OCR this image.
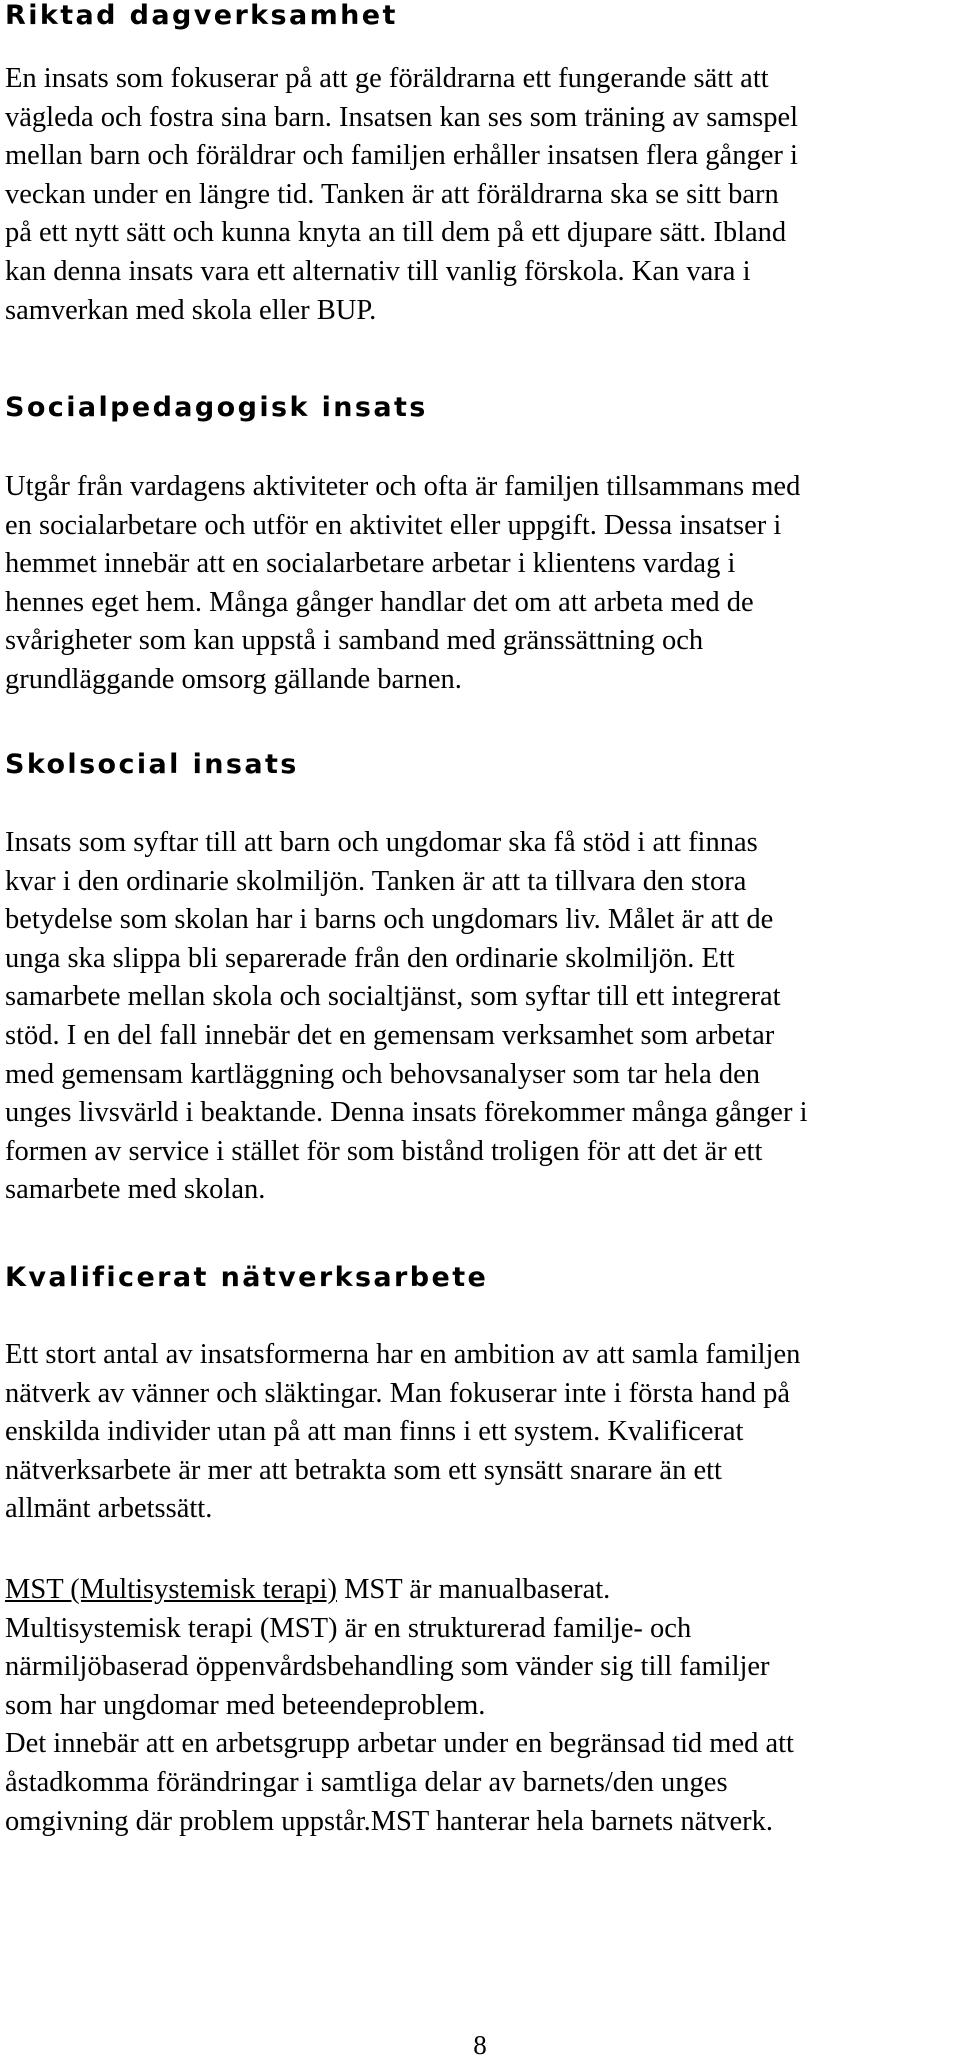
Riktad dagverksamhet

En insats som fokuserar på att ge föräldrarna ett fungerande sätt att
vägleda och fostra sina barn. Insatsen kan ses som träning av samspel
mellan barn och föräldrar och familjen erhåller insatsen flera gånger i
veckan under en längre tid. Tanken är att föräldrarna ska se sitt barn
på ett nytt sätt och kunna knyta an till dem på ett djupare sätt. Ibland
kan denna insats vara ett alternativ till vanlig förskola. Kan vara i
samverkan med skola eller BUP.

Socialpedagogisk insats

Utgår från vardagens aktiviteter och ofta är familjen tillsammans med
en socialarbetare och utför en aktivitet eller uppgift. Dessa insatser i
hemmet innebär att en socialarbetare arbetar i klientens vardag i
hennes eget hem. Många gånger handlar det om att arbeta med de
svårigheter som kan uppstå i samband med gränssättning och
grundläggande omsorg gällande barnen.

Skolsocial insats

Insats som syftar till att barn och ungdomar ska få stöd i att finnas
kvar i den ordinarie skolmiljön. Tanken är att ta tillvara den stora
betydelse som skolan har i barns och ungdomars liv. Målet är att de
unga ska slippa bli separerade från den ordinarie skolmiljön. Ett
samarbete mellan skola och socialtjänst, som syftar till ett integrerat
stöd. I en del fall innebär det en gemensam verksamhet som arbetar
med gemensam kartläggning och behovsanalyser som tar hela den
unges livsvärld i beaktande. Denna insats förekommer många gånger i
formen av service i stället för som bistånd troligen för att det är ett
samarbete med skolan.

Kvalificerat nätverksarbete

Ett stort antal av insatsformerna har en ambition av att samla familjen
nätverk av vänner och släktingar. Man fokuserar inte i första hand på
enskilda individer utan på att man finns i ett system. Kvalificerat
nätverksarbete är mer att betrakta som ett synsätt snarare än ett
allmänt arbetssätt.

MST (Multisystemisk terapi) MST är manualbaserat.
Multisystemisk terapi (MST) är en strukturerad familje- och
närmiljöbaserad öppenvårdsbehandling som vänder sig till familjer
som har ungdomar med beteendeproblem.
Det innebär att en arbetsgrupp arbetar under en begränsad tid med att
åstadkomma förändringar i samtliga delar av barnets/den unges
omgivning där problem uppstår.MST hanterar hela barnets nätverk.

8
